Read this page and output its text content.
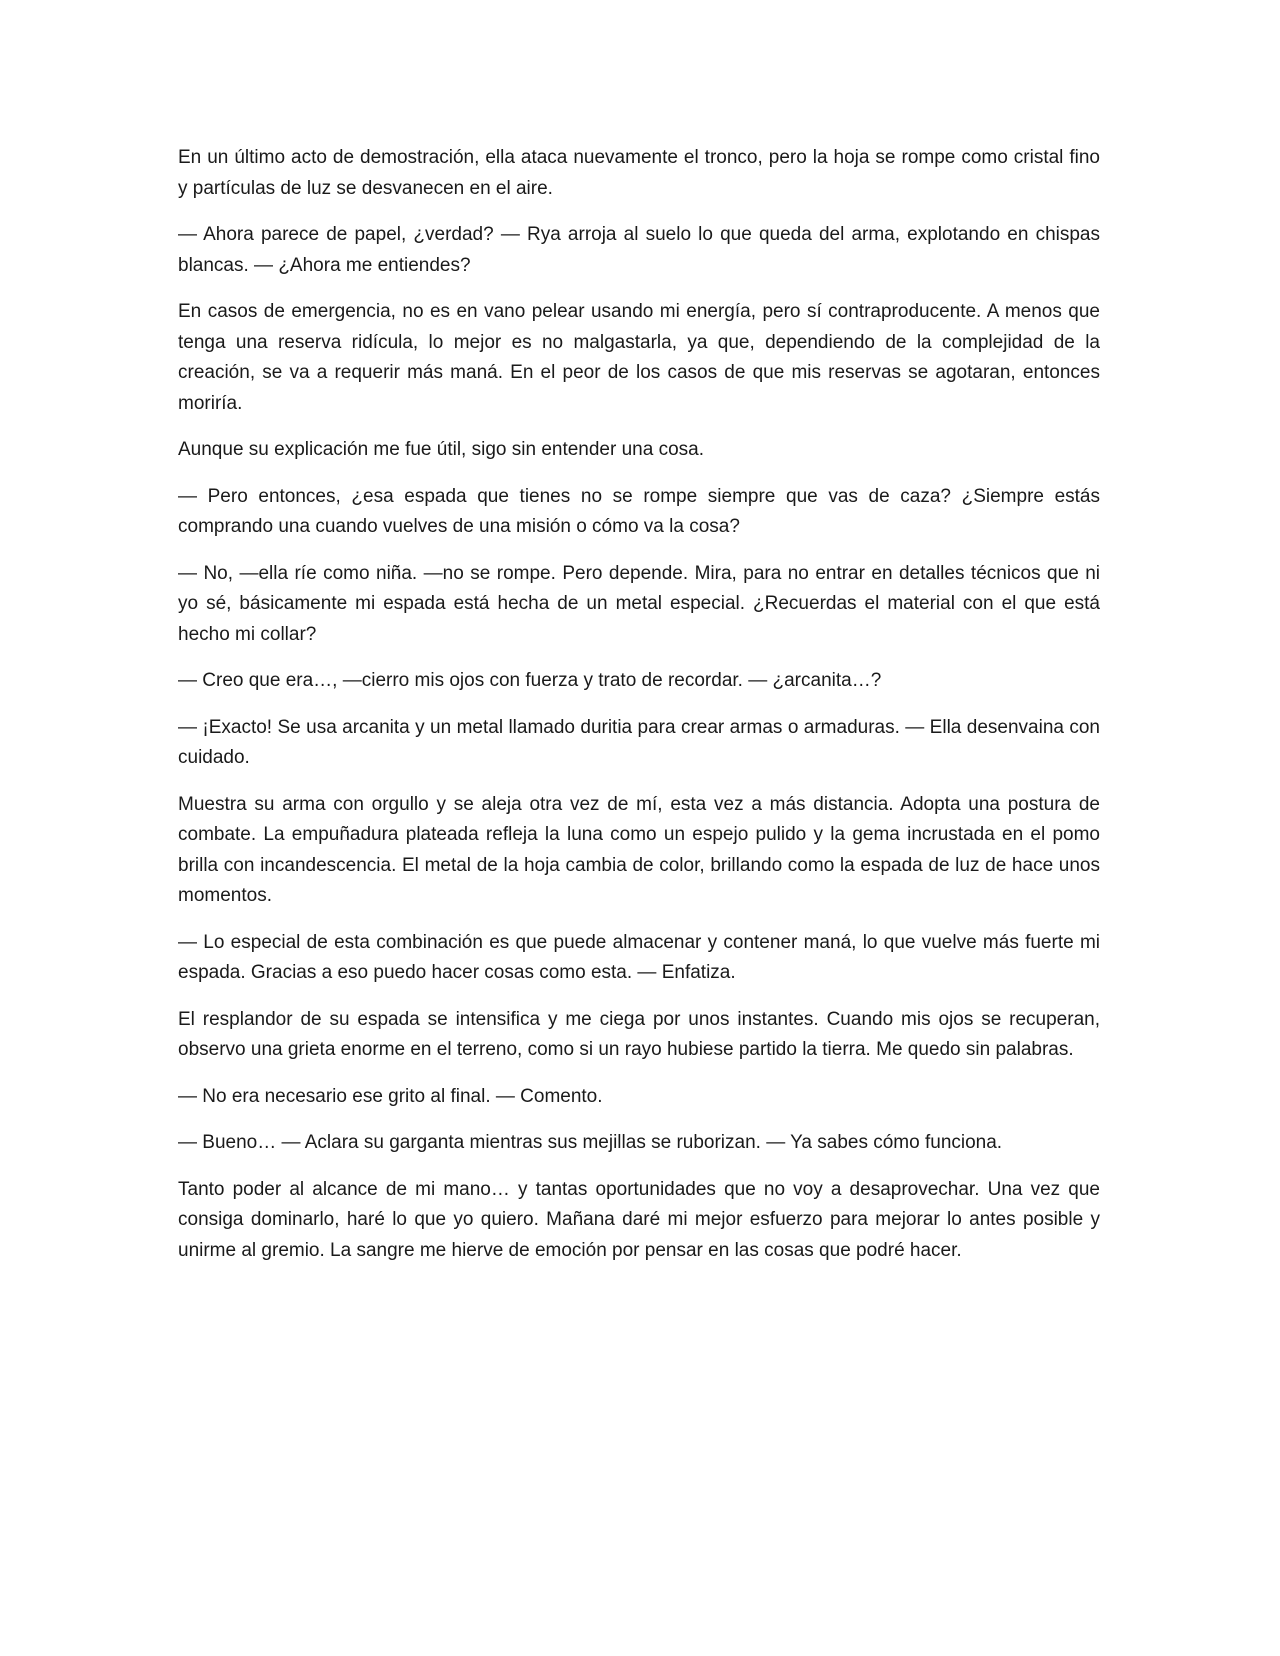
En un último acto de demostración, ella ataca nuevamente el tronco, pero la hoja se rompe como cristal fino y partículas de luz se desvanecen en el aire.

— Ahora parece de papel, ¿verdad? — Rya arroja al suelo lo que queda del arma, explotando en chispas blancas. — ¿Ahora me entiendes?

En casos de emergencia, no es en vano pelear usando mi energía, pero sí contraproducente. A menos que tenga una reserva ridícula, lo mejor es no malgastarla, ya que, dependiendo de la complejidad de la creación, se va a requerir más maná. En el peor de los casos de que mis reservas se agotaran, entonces moriría.

Aunque su explicación me fue útil, sigo sin entender una cosa.

— Pero entonces, ¿esa espada que tienes no se rompe siempre que vas de caza? ¿Siempre estás comprando una cuando vuelves de una misión o cómo va la cosa?

— No, —ella ríe como niña. —no se rompe. Pero depende. Mira, para no entrar en detalles técnicos que ni yo sé, básicamente mi espada está hecha de un metal especial. ¿Recuerdas el material con el que está hecho mi collar?

— Creo que era…, —cierro mis ojos con fuerza y trato de recordar. — ¿arcanita…?

— ¡Exacto! Se usa arcanita y un metal llamado duritia para crear armas o armaduras. — Ella desenvaina con cuidado.

Muestra su arma con orgullo y se aleja otra vez de mí, esta vez a más distancia. Adopta una postura de combate. La empuñadura plateada refleja la luna como un espejo pulido y la gema incrustada en el pomo brilla con incandescencia. El metal de la hoja cambia de color, brillando como la espada de luz de hace unos momentos.

— Lo especial de esta combinación es que puede almacenar y contener maná, lo que vuelve más fuerte mi espada. Gracias a eso puedo hacer cosas como esta. — Enfatiza.

El resplandor de su espada se intensifica y me ciega por unos instantes. Cuando mis ojos se recuperan, observo una grieta enorme en el terreno, como si un rayo hubiese partido la tierra. Me quedo sin palabras.

— No era necesario ese grito al final. — Comento.

— Bueno… — Aclara su garganta mientras sus mejillas se ruborizan. — Ya sabes cómo funciona.

Tanto poder al alcance de mi mano… y tantas oportunidades que no voy a desaprovechar. Una vez que consiga dominarlo, haré lo que yo quiero. Mañana daré mi mejor esfuerzo para mejorar lo antes posible y unirme al gremio. La sangre me hierve de emoción por pensar en las cosas que podré hacer.
